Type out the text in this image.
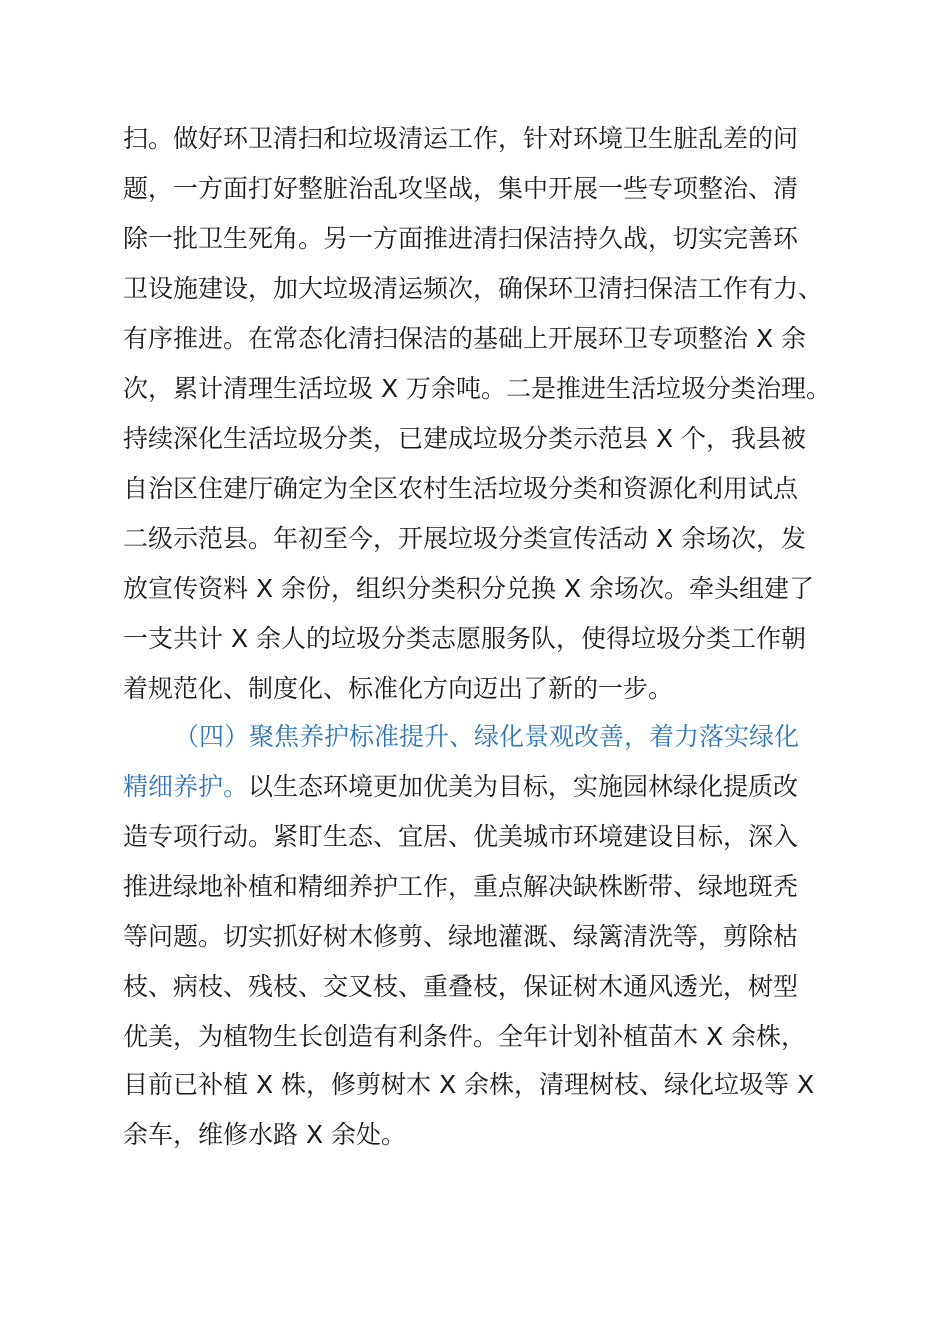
扫。做好环卫清扫和垃圾清运工作，针对环境卫生脏乱差的问
题，一方面打好整脏治乱攻坚战，集中开展一些专项整治、清
除一批卫生死角。另一方面推进清扫保洁持久战，切实完善环
卫设施建设，加大垃圾清运频次，确保环卫清扫保洁工作有力、
有序推进。在常态化清扫保洁的基础上开展环卫专项整治 X 余
次，累计清理生活垃圾 X 万余吨。二是推进生活垃圾分类治理。
持续深化生活垃圾分类，已建成垃圾分类示范县 X 个，我县被
自治区住建厅确定为全区农村生活垃圾分类和资源化利用试点
二级示范县。年初至今，开展垃圾分类宣传活动 X 余场次，发
放宣传资料 X 余份，组织分类积分兑换 X 余场次。牵头组建了
一支共计 X 余人的垃圾分类志愿服务队，使得垃圾分类工作朝
着规范化、制度化、标准化方向迈出了新的一步。
（四）聚焦养护标准提升、绿化景观改善，着力落实绿化
精细养护。以生态环境更加优美为目标，实施园林绿化提质改
造专项行动。紧盯生态、宜居、优美城市环境建设目标，深入
推进绿地补植和精细养护工作，重点解决缺株断带、绿地斑秃
等问题。切实抓好树木修剪、绿地灌溉、绿篱清洗等，剪除枯
枝、病枝、残枝、交叉枝、重叠枝，保证树木通风透光，树型
优美，为植物生长创造有利条件。全年计划补植苗木 X 余株，
目前已补植 X 株，修剪树木 X 余株，清理树枝、绿化垃圾等 X
余车，维修水路 X 余处。
